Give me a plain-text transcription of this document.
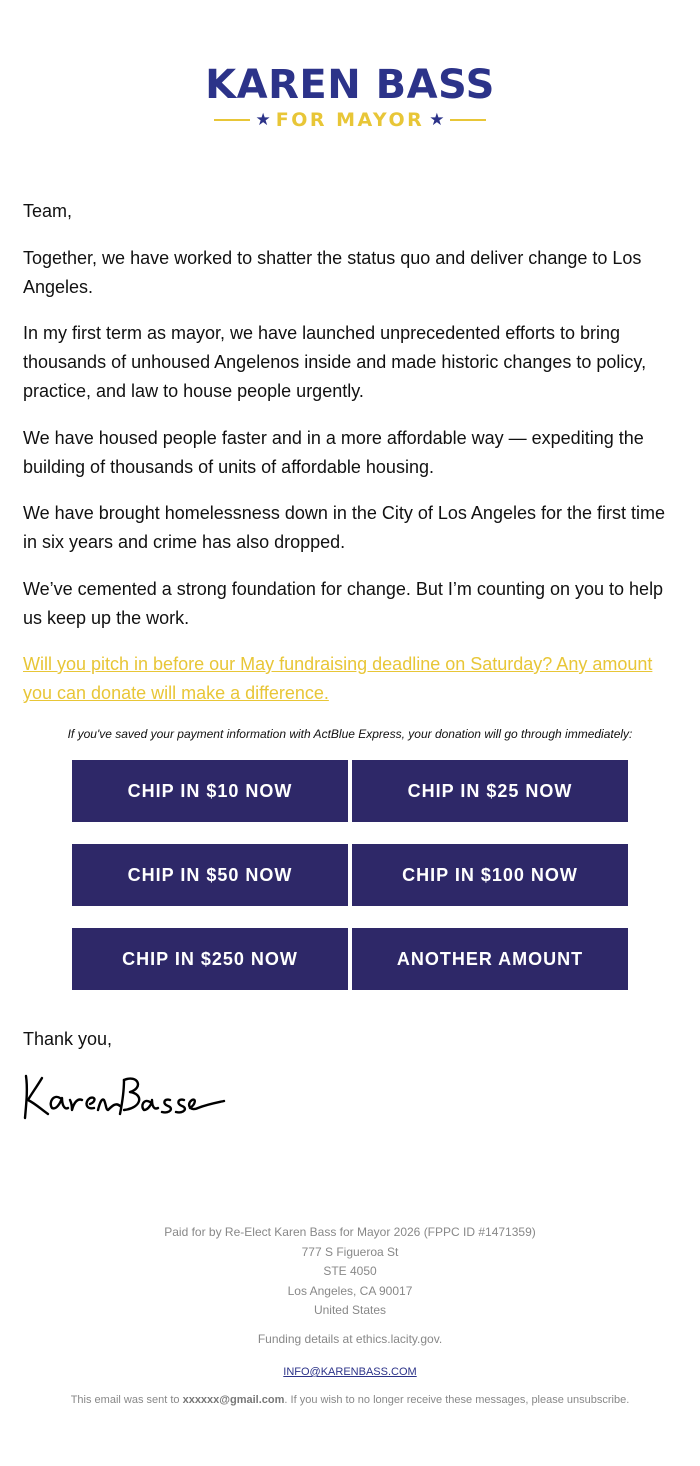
KAREN BASS
★ FOR MAYOR ★
Team,
Together, we have worked to shatter the status quo and deliver change to Los Angeles.
In my first term as mayor, we have launched unprecedented efforts to bring thousands of unhoused Angelenos inside and made historic changes to policy, practice, and law to house people urgently.
We have housed people faster and in a more affordable way — expediting the building of thousands of units of affordable housing.
We have brought homelessness down in the City of Los Angeles for the first time in six years and crime has also dropped.
We’ve cemented a strong foundation for change. But I’m counting on you to help us keep up the work.
Will you pitch in before our May fundraising deadline on Saturday? Any amount you can donate will make a difference.
If you've saved your payment information with ActBlue Express, your donation will go through immediately:
CHIP IN $10 NOW	CHIP IN $25 NOW
CHIP IN $50 NOW	CHIP IN $100 NOW
CHIP IN $250 NOW	ANOTHER AMOUNT
Thank you,
Paid for by Re-Elect Karen Bass for Mayor 2026 (FPPC ID #1471359)
777 S Figueroa St
STE 4050
Los Angeles, CA 90017
United States
Funding details at ethics.lacity.gov.
INFO@KARENBASS.COM
This email was sent to xxxxxx@gmail.com. If you wish to no longer receive these messages, please unsubscribe.
